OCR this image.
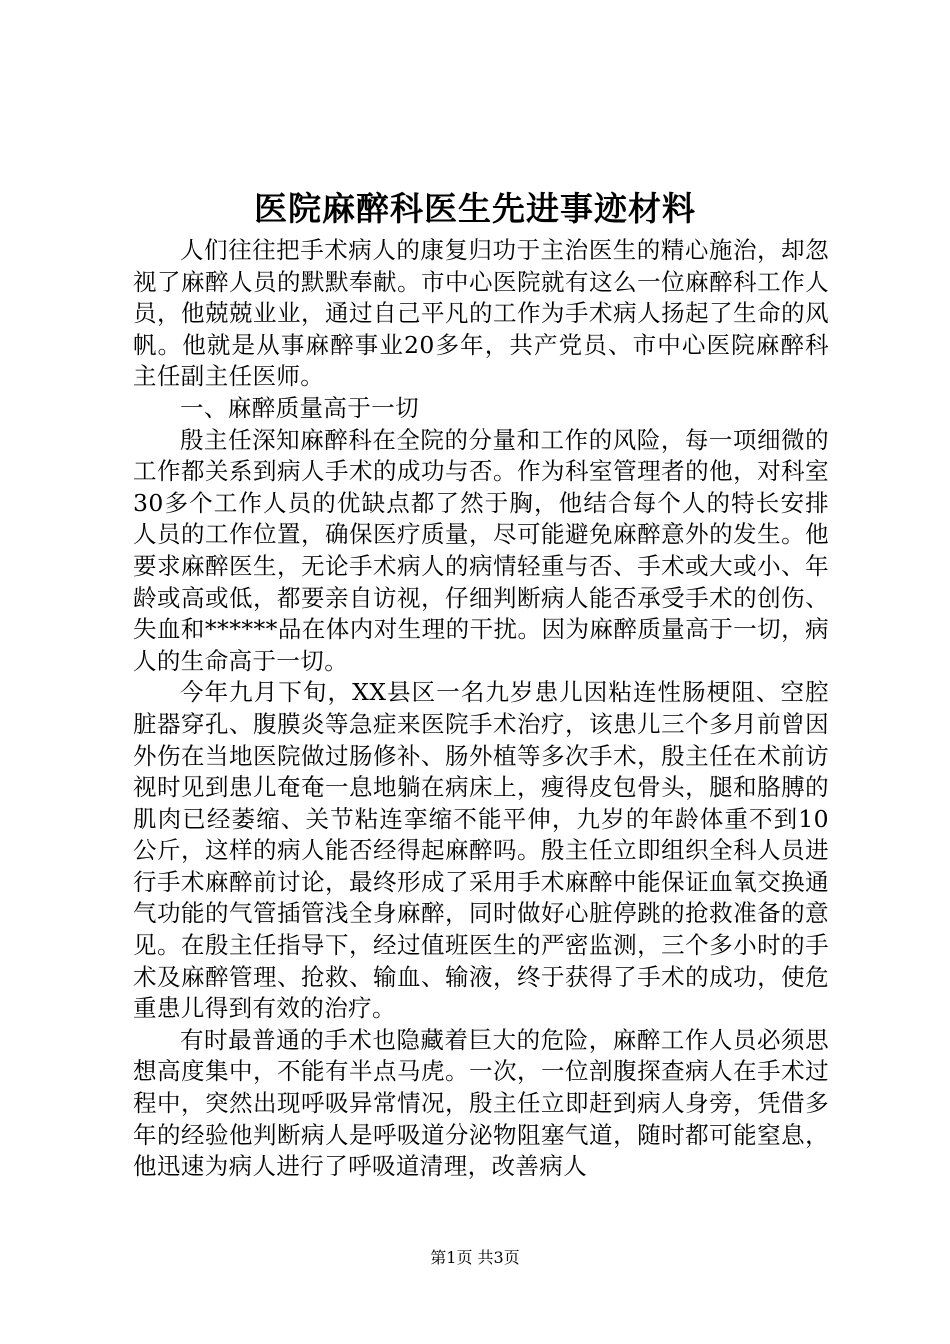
医院麻醉科医生先进事迹材料

人们往往把手术病人的康复归功于主治医生的精心施治，却忽视了麻醉人员的默默奉献。市中心医院就有这么一位麻醉科工作人员，他兢兢业业，通过自己平凡的工作为手术病人扬起了生命的风帆。他就是从事麻醉事业20多年，共产党员、市中心医院麻醉科主任副主任医师。

一、麻醉质量高于一切

殷主任深知麻醉科在全院的分量和工作的风险，每一项细微的工作都关系到病人手术的成功与否。作为科室管理者的他，对科室30多个工作人员的优缺点都了然于胸，他结合每个人的特长安排人员的工作位置，确保医疗质量，尽可能避免麻醉意外的发生。他要求麻醉医生，无论手术病人的病情轻重与否、手术或大或小、年龄或高或低，都要亲自访视，仔细判断病人能否承受手术的创伤、失血和******品在体内对生理的干扰。因为麻醉质量高于一切，病人的生命高于一切。

今年九月下旬，XX县区一名九岁患儿因粘连性肠梗阻、空腔脏器穿孔、腹膜炎等急症来医院手术治疗，该患儿三个多月前曾因外伤在当地医院做过肠修补、肠外植等多次手术，殷主任在术前访视时见到患儿奄奄一息地躺在病床上，瘦得皮包骨头，腿和胳膊的肌肉已经萎缩、关节粘连挛缩不能平伸，九岁的年龄体重不到10公斤，这样的病人能否经得起麻醉吗。殷主任立即组织全科人员进行手术麻醉前讨论，最终形成了采用手术麻醉中能保证血氧交换通气功能的气管插管浅全身麻醉，同时做好心脏停跳的抢救准备的意见。在殷主任指导下，经过值班医生的严密监测，三个多小时的手术及麻醉管理、抢救、输血、输液，终于获得了手术的成功，使危重患儿得到有效的治疗。

有时最普通的手术也隐藏着巨大的危险，麻醉工作人员必须思想高度集中，不能有半点马虎。一次，一位剖腹探查病人在手术过程中，突然出现呼吸异常情况，殷主任立即赶到病人身旁，凭借多年的经验他判断病人是呼吸道分泌物阻塞气道，随时都可能窒息，他迅速为病人进行了呼吸道清理，改善病人

第1页 共3页
